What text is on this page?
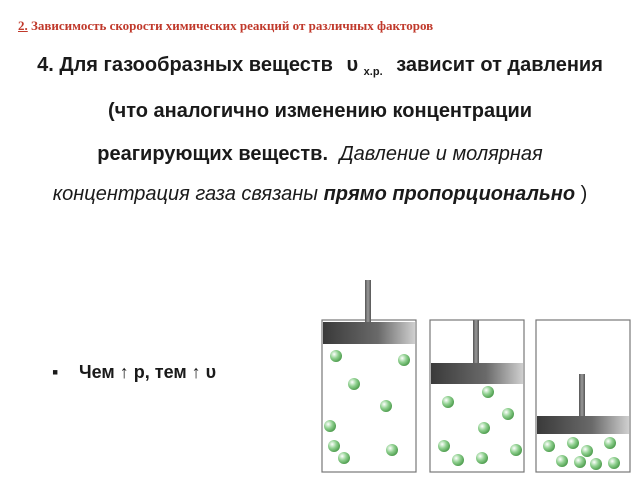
2. Зависимость скорости химических реакций от различных факторов
4. Для газообразных веществ υ $_{х.р.}$ зависит от давления
(что аналогично изменению концентрации
реагирующих веществ. Давление и молярная
концентрация газа связаны прямо пропорционально )
▪ Чем ↑ р, тем ↑ υ
